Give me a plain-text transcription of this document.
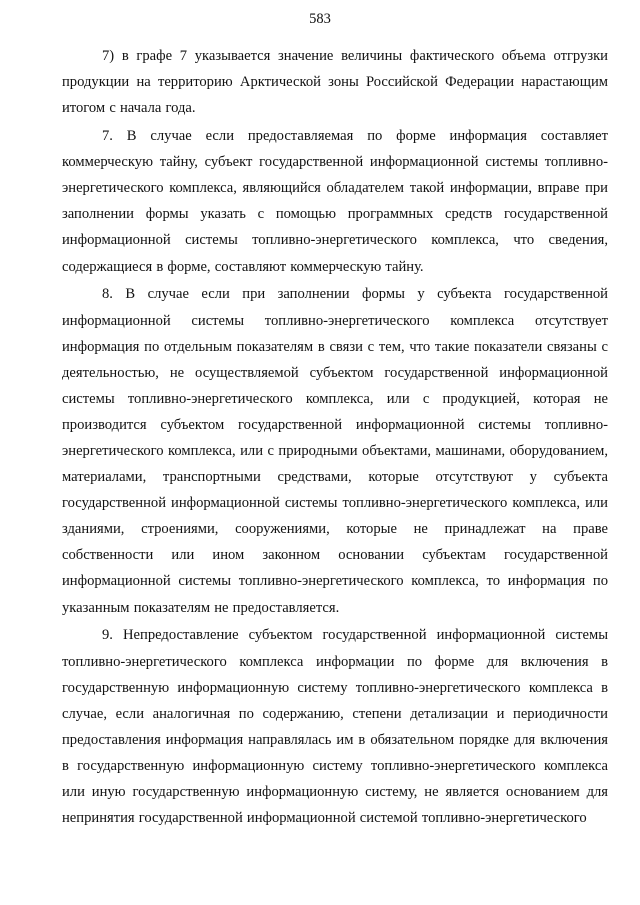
583

7) в графе 7 указывается значение величины фактического объема отгрузки продукции на территорию Арктической зоны Российской Федерации нарастающим итогом с начала года.

7. В случае если предоставляемая по форме информация составляет коммерческую тайну, субъект государственной информационной системы топливно-энергетического комплекса, являющийся обладателем такой информации, вправе при заполнении формы указать с помощью программных средств государственной информационной системы топливно-энергетического комплекса, что сведения, содержащиеся в форме, составляют коммерческую тайну.

8. В случае если при заполнении формы у субъекта государственной информационной системы топливно-энергетического комплекса отсутствует информация по отдельным показателям в связи с тем, что такие показатели связаны с деятельностью, не осуществляемой субъектом государственной информационной системы топливно-энергетического комплекса, или с продукцией, которая не производится субъектом государственной информационной системы топливно-энергетического комплекса, или с природными объектами, машинами, оборудованием, материалами, транспортными средствами, которые отсутствуют у субъекта государственной информационной системы топливно-энергетического комплекса, или зданиями, строениями, сооружениями, которые не принадлежат на праве собственности или ином законном основании субъектам государственной информационной системы топливно-энергетического комплекса, то информация по указанным показателям не предоставляется.

9. Непредоставление субъектом государственной информационной системы топливно-энергетического комплекса информации по форме для включения в государственную информационную систему топливно-энергетического комплекса в случае, если аналогичная по содержанию, степени детализации и периодичности предоставления информация направлялась им в обязательном порядке для включения в государственную информационную систему топливно-энергетического комплекса или иную государственную информационную систему, не является основанием для непринятия государственной информационной системой топливно-энергетического
